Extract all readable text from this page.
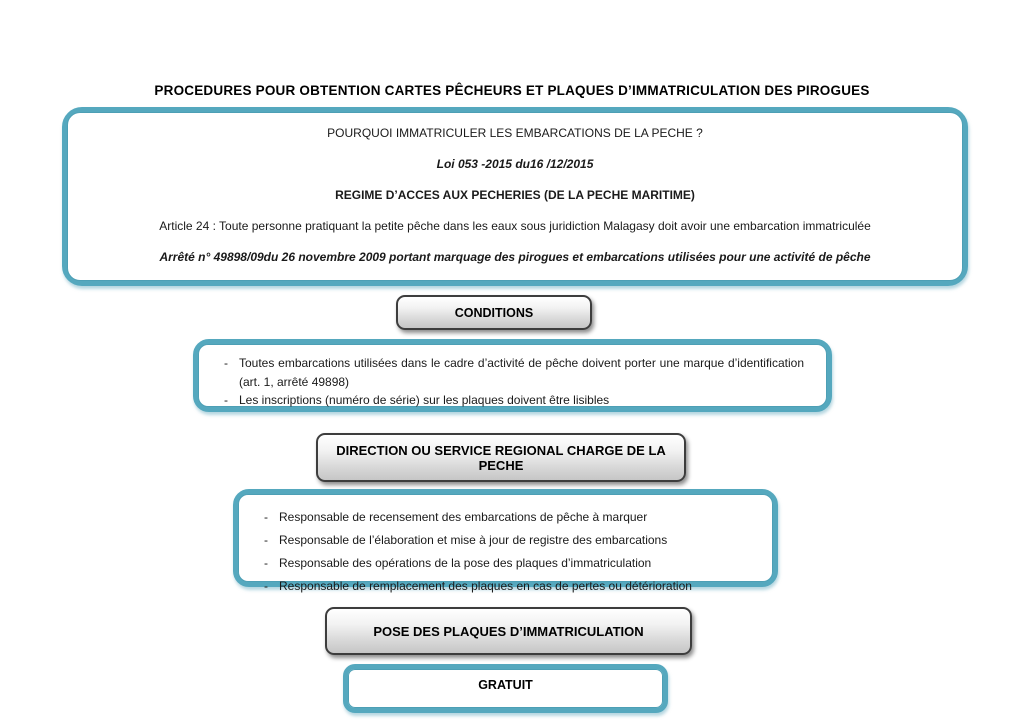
PROCEDURES POUR OBTENTION CARTES PÊCHEURS ET PLAQUES D’IMMATRICULATION DES PIROGUES

POURQUOI IMMATRICULER LES EMBARCATIONS DE LA PECHE ?

Loi 053 -2015 du16 /12/2015

REGIME D’ACCES AUX PECHERIES (DE LA PECHE MARITIME)

Article 24 : Toute personne pratiquant la petite pêche dans les eaux sous juridiction Malagasy doit avoir une embarcation immatriculée

Arrêté n° 49898/09du 26 novembre 2009 portant marquage des pirogues et embarcations utilisées pour une activité de pêche

CONDITIONS
- Toutes embarcations utilisées dans le cadre d’activité de pêche doivent porter une marque d’identification (art. 1, arrêté 49898)
- Les inscriptions (numéro de série) sur les plaques doivent être lisibles
DIRECTION OU SERVICE REGIONAL CHARGE DE LA PECHE
- Responsable de recensement des embarcations de pêche à marquer
- Responsable de l’élaboration et mise à jour de registre des embarcations
- Responsable des opérations de la pose des plaques d’immatriculation
- Responsable de remplacement des plaques en cas de pertes ou détérioration
POSE DES PLAQUES D’IMMATRICULATION
GRATUIT
